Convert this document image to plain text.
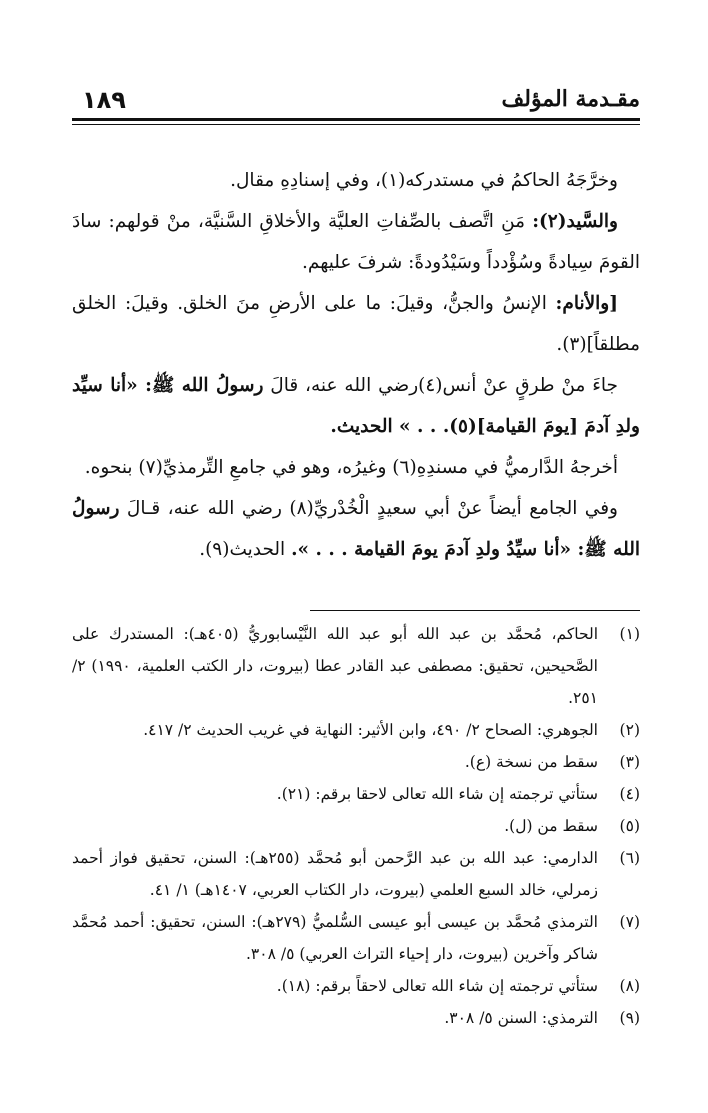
١٨٩	مقـدمة المؤلف

وخرَّجَهُ الحاكمُ في مستدركه(١)، وفي إسنادِهِ مقال.

والسَّيد(٢): مَنِ اتَّصف بالصِّفاتِ العليَّة والأخلاقِ السَّنيَّة، منْ قولهم: سادَ القومَ سِيادةً وسُؤْدداً وسَيْدُودةً: شرفَ عليهم.

[والأنام: الإنسُ والجنُّ، وقيلَ: ما على الأرضِ منَ الخلق. وقيلَ: الخلق مطلقاً](٣).

جاءَ منْ طرقٍ عنْ أنس(٤)رضي الله عنه، قالَ رسولُ الله ﷺ: «أنا سيِّد ولدِ آدمَ [يومَ القيامة](٥). . . » الحديث.

أخرجهُ الدَّارميُّ في مسندِهِ(٦) وغيرُه، وهو في جامعِ التِّرمذيِّ(٧) بنحوه.

وفي الجامع أيضاً عنْ أبي سعيدٍ الْخُدْريِّ(٨) رضي الله عنه، قـالَ رسولُ الله ﷺ: «أنا سيِّدُ ولدِ آدمَ يومَ القيامة . . . ». الحديث(٩).

(١)
الحاكم، مُحمَّد بن عبد الله أبو عبد الله النَّيْسابوريُّ (٤٠٥هـ): المستدرك على الصَّحيحين، تحقيق: مصطفى عبد القادر عطا (بيروت، دار الكتب العلمية، ١٩٩٠) ٢/ ٢٥١.

(٢)
الجوهري: الصحاح ٢/ ٤٩٠، وابن الأثير: النهاية في غريب الحديث ٢/ ٤١٧.

(٣)
سقط من نسخة (ع).

(٤)
ستأتي ترجمته إن شاء الله تعالى لاحقا برقم: (٢١).

(٥)
سقط من (ل).

(٦)
الدارمي: عبد الله بن عبد الرَّحمن أبو مُحمَّد (٢٥٥هـ): السنن، تحقيق فواز أحمد زمرلي، خالد السبع العلمي (بيروت، دار الكتاب العربي، ١٤٠٧هـ) ١/ ٤١.

(٧)
الترمذي مُحمَّد بن عيسى أبو عيسى السُّلميُّ (٢٧٩هـ): السنن، تحقيق: أحمد مُحمَّد شاكر وآخرين (بيروت، دار إحياء التراث العربي) ٥/ ٣٠٨.

(٨)
ستأتي ترجمته إن شاء الله تعالى لاحقاً برقم: (١٨).

(٩)
الترمذي: السنن ٥/ ٣٠٨.
